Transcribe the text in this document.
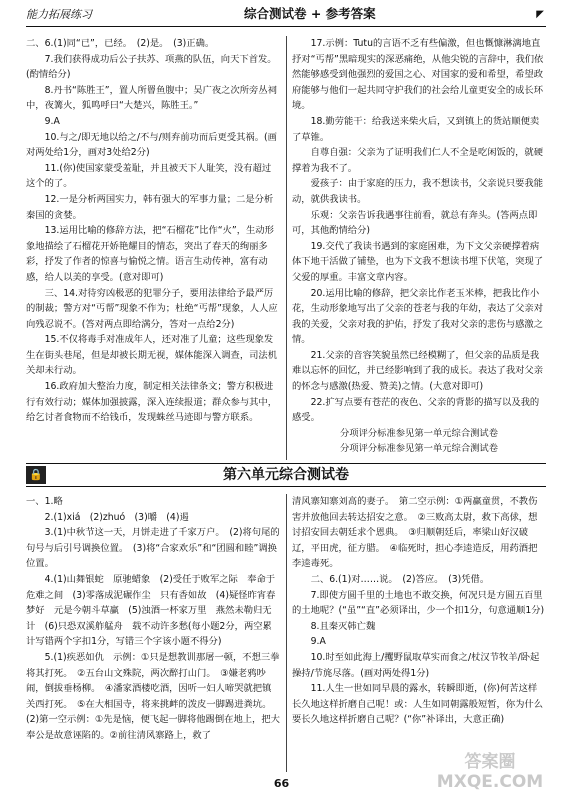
能力拓展练习	综合测试卷 + 参考答案	◤

二、6.(1)同“已”，已经。　(2)是。　(3)正确。

7.我们获得成功后公子扶苏、项燕的队伍，向天下首发。(酌情给分)

8.丹书“陈胜王”，置人所罾鱼腹中；吴广夜之次所旁丛祠中，夜篝火，狐鸣呼曰“大楚兴，陈胜王。”

9.A

10.与之/即无地以给之/不与/则弃前功而后更受其祸。(画对两处给1分，画对3处给2分)

11.(你)使国家蒙受羞耻，并且被天下人耻笑，没有超过这个的了。

12.一是分析两国实力，韩有强大的军事力量；二是分析秦国的贪婪。

13.运用比喻的修辞方法，把“石榴花”比作“火”，生动形象地描绘了石榴花开娇艳耀目的情态，突出了春天的绚丽多彩，抒发了作者的惊喜与愉悦之情。语言生动传神，富有动感，给人以美的享受。(意对即可)

三、14.对待穷凶极恶的犯罪分子，要用法律给予最严厉的制裁；警方对“丐帮”现象不作为；杜绝“丐帮”现象，人人应向残忍说不。(答对两点即给满分，答对一点给2分)

15.不仅将毒手对准成年人，还对准了儿童；这些现象发生在街头巷尾，但是却被长期无视，媒体能深入调查，司法机关却未行动。

16.政府加大整治力度，制定相关法律条文；警方积极进行有效行动；媒体加强披露，深入连续报道；群众参与其中，给乞讨者食物而不给钱币，发现蛛丝马迹即与警方联系。

17.示例：Tutu的言语不乏有些偏激，但也慨慷淋漓地直抒对“丐帮”黑暗现实的深恶痛绝，从他尖锐的言辞中，我们依然能够感受到他强烈的爱国之心、对国家的爱和希望，希望政府能够与他们一起共同守护我们的社会给儿童更安全的成长环境。

18.勤劳能干：给我送来柴火后，又到镇上的货站顺便卖了草锥。

自尊自强：父亲为了证明我们仁人不全是吃闲饭的，就硬撑着为我不了。

爱孩子：由于家庭的压力，我不想读书，父亲说只要我能动，就供我读书。

乐观：父亲告诉我遇事往前看，就总有奔头。(答两点即可，其他酌情给分)

19.交代了我读书遇到的家庭困难，为下文父亲硬撑着病体下地干活做了铺垫，也为下文我不想读书埋下伏笔，突现了父爱的厚重。丰富文章内容。

20.运用比喻的修辞，把父亲比作老玉米棒，把我比作小花，生动形象地写出了父亲的苍老与我的年幼，表达了父亲对我的关爱，父亲对我的护佑，抒发了我对父亲的悲伤与感激之情。

21.父亲的音容笑貌虽然已经模糊了，但父亲的品质是我难以忘怀的回忆，并已经影响到了我的成长。表达了我对父亲的怀念与感激(热爱、赞美)之情。(大意对即可)

22.扩写点要有苍茫的夜色、父亲的背影的描写以及我的感受。

分项评分标准参见第一单元综合测试卷

分项评分标准参见第一单元综合测试卷

🔒	第六单元综合测试卷

一、1.略

2.(1)xiá　(2)zhuó　(3)嚼　(4)遏

3.(1)中秋节这一天，月饼走进了千家万户。　(2)将句尾的句号与后引号调换位置。　(3)将“合家欢乐”和“团圆和睦”调换位置。

4.(1)山舞银蛇　原驰蜡象　(2)受任于败军之际　奉命于危难之间　(3)零落成泥碾作尘　只有香如故　(4)疑怪昨宵春梦好　元是今朝斗草赢　(5)浊酒一杯家万里　燕然未勒归无计　(6)只恐双溪舴艋舟　载不动许多愁(每小题2分，两空累计写错两个字扣1分，写错三个字该小题不得分)

5.(1)疾恶如仇　示例：①只是想教训那屠一顿，不想三拳将其打死。　②五台山文殊院，两次醉打山门。　③嫌老鸦吵闹，倒拔垂杨柳。　④潘家酒楼吃酒，因听一妇人啼哭就把镇关西打死。　⑤在大相国寺，将来挑衅的泼皮一脚踢进粪坑。(2)第一空示例：①先是恼，便飞起一脚将他踢倒在地上，把大奉公是故意诬陷的。②前往清风寨路上，救了

清风寨知寨刘高的妻子。　第二空示例：①两赢童贯，不教伤害并放他回去转达招安之意。　②三败高太尉，救下高俅，想讨招安回去朝廷求个恩典。　③归顺朝廷后，率梁山好汉破辽，平田虎，征方腊。　④临死时，担心李逵造反，用药酒把李逵毒死。

二、6.(1)对……说。　(2)答应。　(3)凭借。

7.即使方圆千里的土地也不敢交换，何况只是方圆五百里的土地呢？(“虽”“直”必须译出，少一个扣1分，句意通顺1分)

8.且秦灭韩亡魏

9.A

10.时至如此海上/攫野鼠取草实而食之/杖汉节牧羊/卧起操持/节旄尽落。(画对两处得1分)

11.人生一世如同早晨的露水，转瞬即逝，(你)何苦这样长久地这样折磨自己呢！或：人生如同朝露般短暂，你为什么要长久地这样折磨自己呢？(“你”补译出，大意正确)

66
答案圈
MXQE.COM
